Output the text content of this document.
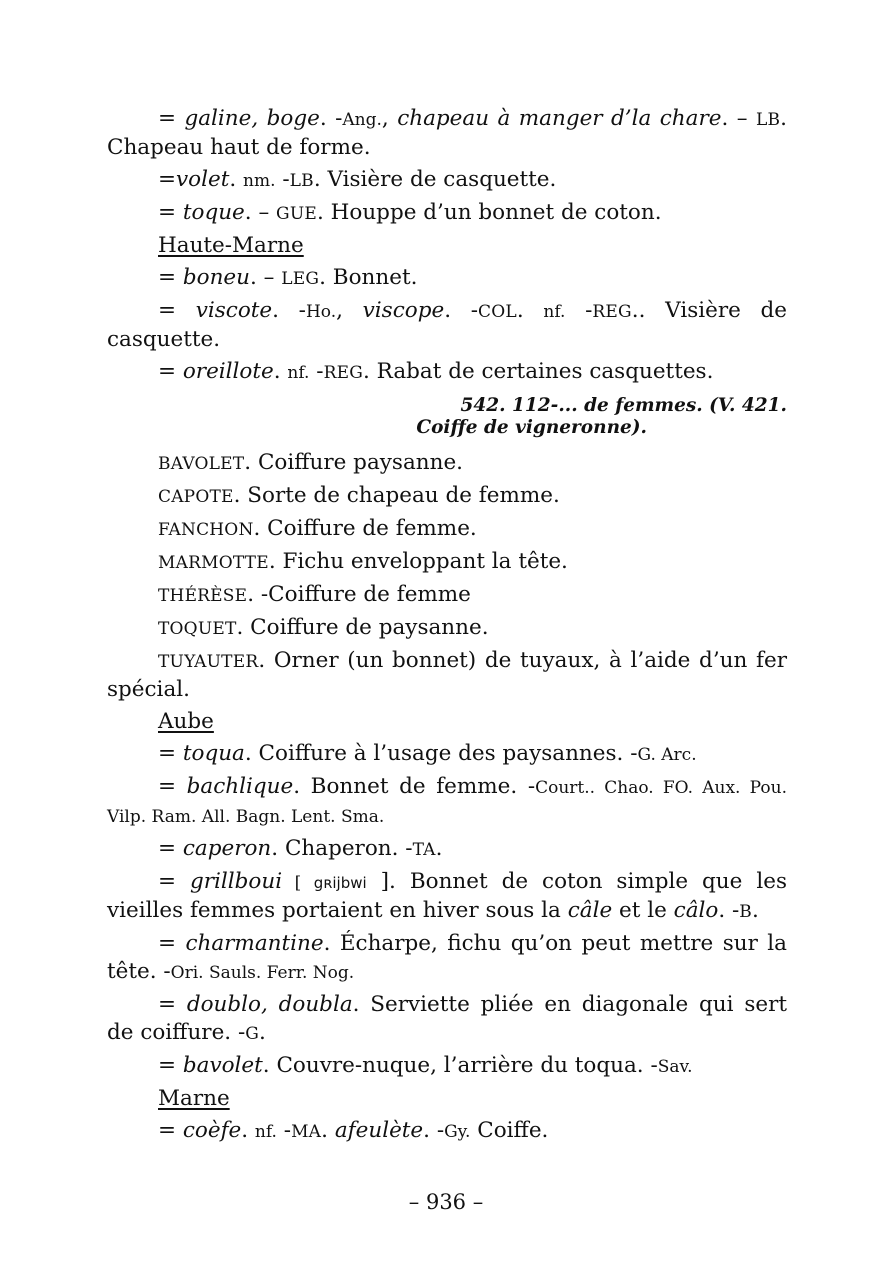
= galine, boge. -Ang., chapeau à manger d’la chare. – LB. Chapeau haut de forme.

=volet. nm. -LB. Visière de casquette.

= toque. – GUE. Houppe d’un bonnet de coton.

Haute-Marne

= boneu. – LEG. Bonnet.

= viscote. -Ho., viscope. -COL. nf. -REG.. Visière de casquette.

= oreillote. nf. -REG. Rabat de certaines casquettes.

542. 112-... de femmes. (V. 421.
Coiffe de vigneronne).

BAVOLET. Coiffure paysanne.

CAPOTE. Sorte de chapeau de femme.

FANCHON. Coiffure de femme.

MARMOTTE. Fichu enveloppant la tête.

THÉRÈSE. -Coiffure de femme

TOQUET. Coiffure de paysanne.

TUYAUTER. Orner (un bonnet) de tuyaux, à l’aide d’un fer spécial.

Aube

= toqua. Coiffure à l’usage des paysannes. -G. Arc.

= bachlique. Bonnet de femme. -Court.. Chao. FO. Aux. Pou. Vilp. Ram. All. Bagn. Lent. Sma.

= caperon. Chaperon. -TA.

= grillboui [ gʀijbwi ]. Bonnet de coton simple que les vieilles femmes portaient en hiver sous la câle et le câlo. -B.

= charmantine. Écharpe, fichu qu’on peut mettre sur la tête. -Ori. Sauls. Ferr. Nog.

= doublo, doubla. Serviette pliée en diagonale qui sert de coiffure. -G.

= bavolet. Couvre-nuque, l’arrière du toqua. -Sav.

Marne

= coèfe. nf. -MA. afeulète. -Gy. Coiffe.

– 936 –
